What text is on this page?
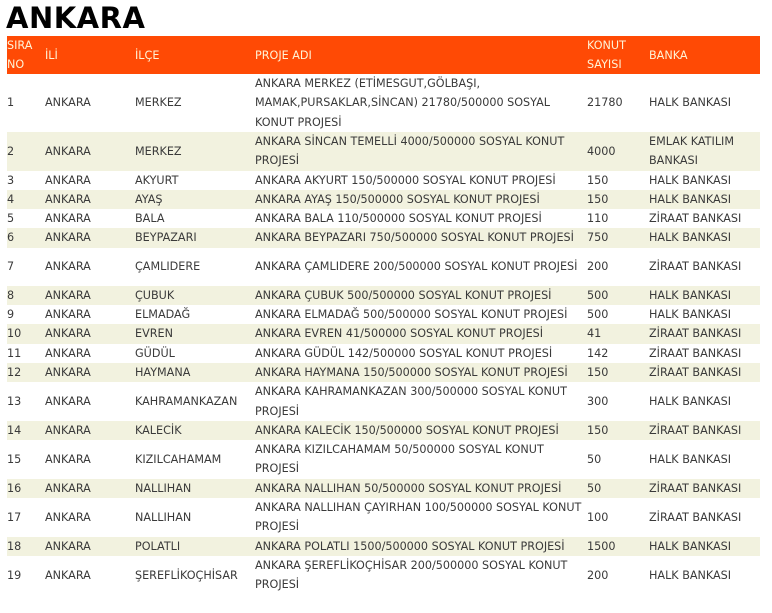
ANKARA
SIRA NO	İLİ	İLÇE	PROJE ADI	KONUT SAYISI	BANKA
1	ANKARA	MERKEZ	ANKARA MERKEZ (ETİMESGUT,GÖLBAŞI, MAMAK,PURSAKLAR,SİNCAN) 21780/500000 SOSYAL KONUT PROJESİ	21780	HALK BANKASI
2	ANKARA	MERKEZ	ANKARA SİNCAN TEMELLİ 4000/500000 SOSYAL KONUT PROJESİ	4000	EMLAK KATILIM BANKASI
3	ANKARA	AKYURT	ANKARA AKYURT 150/500000 SOSYAL KONUT PROJESİ	150	HALK BANKASI
4	ANKARA	AYAŞ	ANKARA AYAŞ 150/500000 SOSYAL KONUT PROJESİ	150	HALK BANKASI
5	ANKARA	BALA	ANKARA BALA 110/500000 SOSYAL KONUT PROJESİ	110	ZİRAAT BANKASI
6	ANKARA	BEYPAZARI	ANKARA BEYPAZARI 750/500000 SOSYAL KONUT PROJESİ	750	HALK BANKASI
7	ANKARA	ÇAMLIDERE	ANKARA ÇAMLIDERE 200/500000 SOSYAL KONUT PROJESİ	200	ZİRAAT BANKASI
8	ANKARA	ÇUBUK	ANKARA ÇUBUK 500/500000 SOSYAL KONUT PROJESİ	500	HALK BANKASI
9	ANKARA	ELMADAĞ	ANKARA ELMADAĞ 500/500000 SOSYAL KONUT PROJESİ	500	HALK BANKASI
10	ANKARA	EVREN	ANKARA EVREN 41/500000 SOSYAL KONUT PROJESİ	41	ZİRAAT BANKASI
11	ANKARA	GÜDÜL	ANKARA GÜDÜL 142/500000 SOSYAL KONUT PROJESİ	142	ZİRAAT BANKASI
12	ANKARA	HAYMANA	ANKARA HAYMANA 150/500000 SOSYAL KONUT PROJESİ	150	ZİRAAT BANKASI
13	ANKARA	KAHRAMANKAZAN	ANKARA KAHRAMANKAZAN 300/500000 SOSYAL KONUT PROJESİ	300	HALK BANKASI
14	ANKARA	KALECİK	ANKARA KALECİK 150/500000 SOSYAL KONUT PROJESİ	150	ZİRAAT BANKASI
15	ANKARA	KIZILCAHAMAM	ANKARA KIZILCAHAMAM 50/500000 SOSYAL KONUT PROJESİ	50	HALK BANKASI
16	ANKARA	NALLIHAN	ANKARA NALLIHAN 50/500000 SOSYAL KONUT PROJESİ	50	ZİRAAT BANKASI
17	ANKARA	NALLIHAN	ANKARA NALLIHAN ÇAYIRHAN 100/500000 SOSYAL KONUT PROJESİ	100	ZİRAAT BANKASI
18	ANKARA	POLATLI	ANKARA POLATLI 1500/500000 SOSYAL KONUT PROJESİ	1500	HALK BANKASI
19	ANKARA	ŞEREFLİKOÇHİSAR	ANKARA ŞEREFLİKOÇHİSAR 200/500000 SOSYAL KONUT PROJESİ	200	HALK BANKASI
